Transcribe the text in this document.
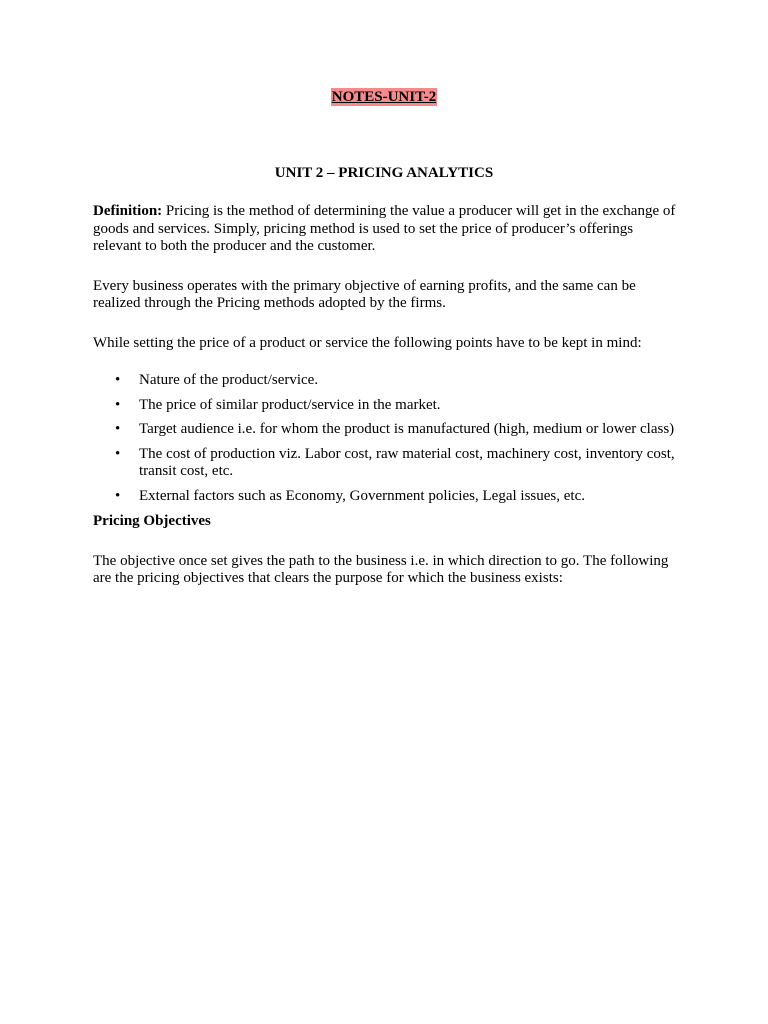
NOTES-UNIT-2
UNIT 2 – PRICING ANALYTICS

Definition: Pricing is the method of determining the value a producer will get in the exchange of goods and services. Simply, pricing method is used to set the price of producer’s offerings relevant to both the producer and the customer.

Every business operates with the primary objective of earning profits, and the same can be realized through the Pricing methods adopted by the firms.

While setting the price of a product or service the following points have to be kept in mind:

• Nature of the product/service.
• The price of similar product/service in the market.
• Target audience i.e. for whom the product is manufactured (high, medium or lower class)
• The cost of production viz. Labor cost, raw material cost, machinery cost, inventory cost, transit cost, etc.
• External factors such as Economy, Government policies, Legal issues, etc.

Pricing Objectives

The objective once set gives the path to the business i.e. in which direction to go. The following are the pricing objectives that clears the purpose for which the business exists:
